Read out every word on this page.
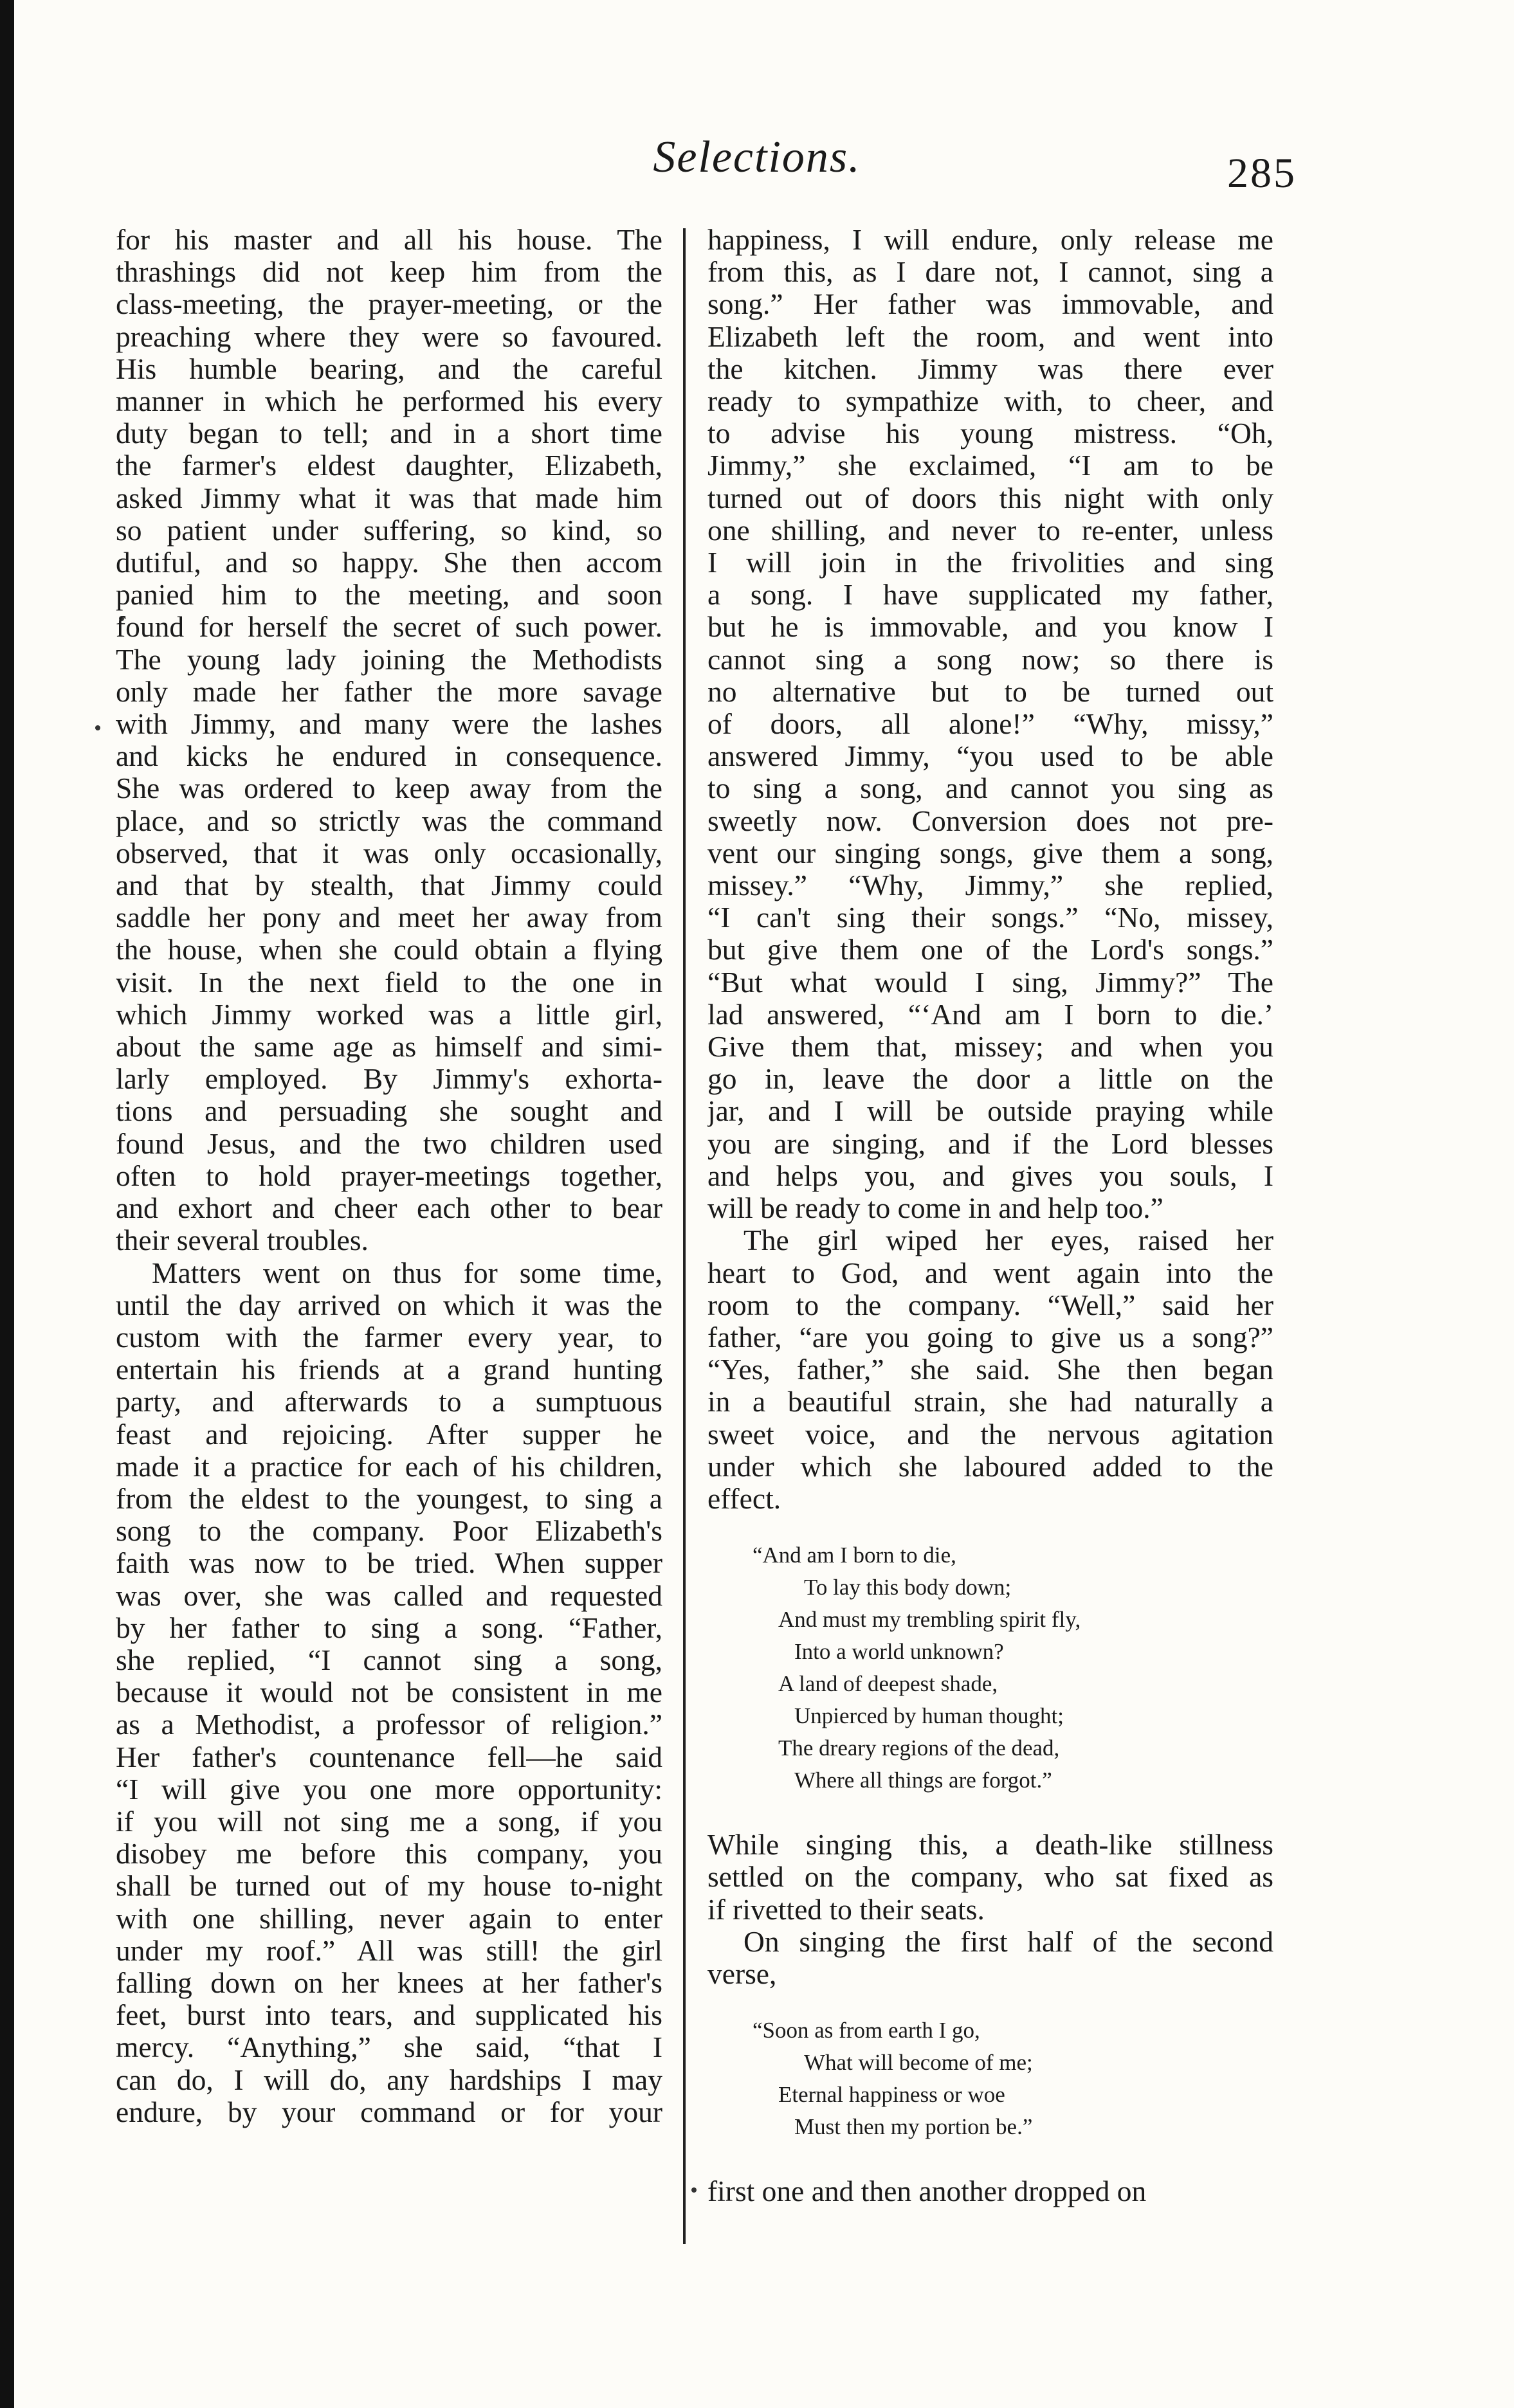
Selections.	285
for his master and all his house. The
thrashings did not keep him from the
class-meeting, the prayer-meeting, or the
preaching where they were so favoured.
His humble bearing, and the careful
manner in which he performed his every
duty began to tell; and in a short time
the farmer's eldest daughter, Elizabeth,
asked Jimmy what it was that made him
so patient under suffering, so kind, so
dutiful, and so happy. She then accom
panied him to the meeting, and soon
found for herself the secret of such power.
The young lady joining the Methodists
only made her father the more savage
with Jimmy, and many were the lashes
and kicks he endured in consequence.
She was ordered to keep away from the
place, and so strictly was the command
observed, that it was only occasionally,
and that by stealth, that Jimmy could
saddle her pony and meet her away from
the house, when she could obtain a flying
visit. In the next field to the one in
which Jimmy worked was a little girl,
about the same age as himself and simi-
larly employed. By Jimmy's exhorta-
tions and persuading she sought and
found Jesus, and the two children used
often to hold prayer-meetings together,
and exhort and cheer each other to bear
their several troubles.
Matters went on thus for some time,
until the day arrived on which it was the
custom with the farmer every year, to
entertain his friends at a grand hunting
party, and afterwards to a sumptuous
feast and rejoicing. After supper he
made it a practice for each of his children,
from the eldest to the youngest, to sing a
song to the company. Poor Elizabeth's
faith was now to be tried. When supper
was over, she was called and requested
by her father to sing a song. “Father,
she replied, “I cannot sing a song,
because it would not be consistent in me
as a Methodist, a professor of religion.”
Her father's countenance fell—he said
“I will give you one more opportunity:
if you will not sing me a song, if you
disobey me before this company, you
shall be turned out of my house to-night
with one shilling, never again to enter
under my roof.” All was still! the girl
falling down on her knees at her father's
feet, burst into tears, and supplicated his
mercy. “Anything,” she said, “that I
can do, I will do, any hardships I may
endure, by your command or for your
happiness, I will endure, only release me
from this, as I dare not, I cannot, sing a
song.” Her father was immovable, and
Elizabeth left the room, and went into
the kitchen. Jimmy was there ever
ready to sympathize with, to cheer, and
to advise his young mistress. “Oh,
Jimmy,” she exclaimed, “I am to be
turned out of doors this night with only
one shilling, and never to re-enter, unless
I will join in the frivolities and sing
a song. I have supplicated my father,
but he is immovable, and you know I
cannot sing a song now; so there is
no alternative but to be turned out
of doors, all alone!” “Why, missy,”
answered Jimmy, “you used to be able
to sing a song, and cannot you sing as
sweetly now. Conversion does not pre-
vent our singing songs, give them a song,
missey.” “Why, Jimmy,” she replied,
“I can't sing their songs.” “No, missey,
but give them one of the Lord's songs.”
“But what would I sing, Jimmy?” The
lad answered, “‘And am I born to die.’
Give them that, missey; and when you
go in, leave the door a little on the
jar, and I will be outside praying while
you are singing, and if the Lord blesses
and helps you, and gives you souls, I
will be ready to come in and help too.”
The girl wiped her eyes, raised her
heart to God, and went again into the
room to the company. “Well,” said her
father, “are you going to give us a song?”
“Yes, father,” she said. She then began
in a beautiful strain, she had naturally a
sweet voice, and the nervous agitation
under which she laboured added to the
effect.
“And am I born to die,
To lay this body down;
And must my trembling spirit fly,
Into a world unknown?
A land of deepest shade,
Unpierced by human thought;
The dreary regions of the dead,
Where all things are forgot.”
While singing this, a death-like stillness
settled on the company, who sat fixed as
if rivetted to their seats.
On singing the first half of the second
verse,
“Soon as from earth I go,
What will become of me;
Eternal happiness or woe
Must then my portion be.”
first one and then another dropped on
